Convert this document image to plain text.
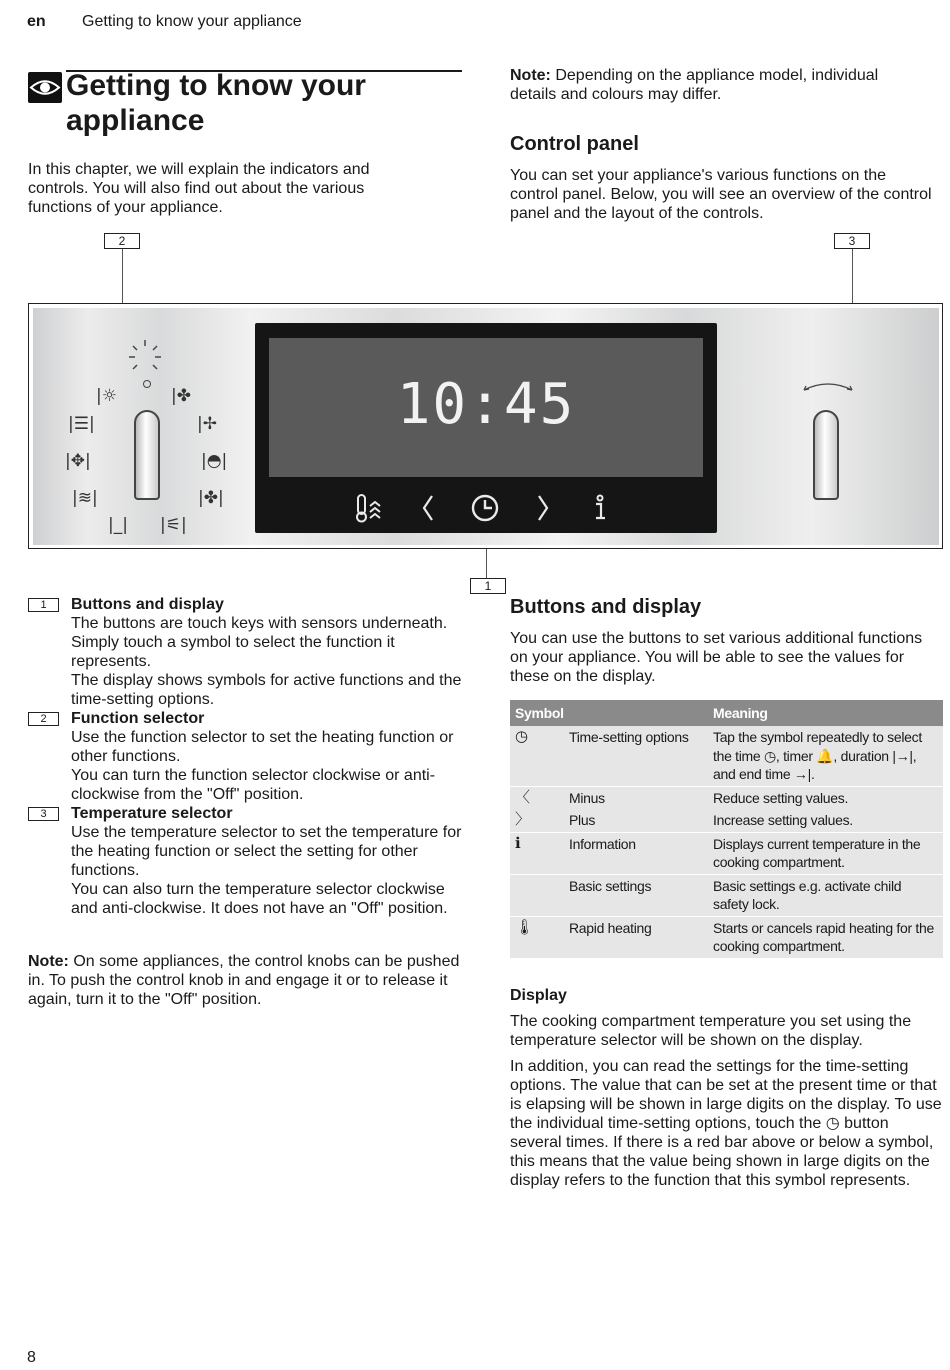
en Getting to know your appliance
Getting to know your appliance
In this chapter, we will explain the indicators and controls. You will also find out about the various functions of your appliance.
Note: Depending on the appliance model, individual details and colours may differ.
Control panel
You can set your appliance's various functions on the control panel. Below, you will see an overview of the control panel and the layout of the controls.
2	3
1
|☼	|✤
|☰|	|✢
|✥|	|◓|
|≋|	|✤|
|_| |⚟|
10:45
1	Buttons and display
The buttons are touch keys with sensors underneath. Simply touch a symbol to select the function it represents.
The display shows symbols for active functions and the time-setting options.
2	Function selector
Use the function selector to set the heating function or other functions.
You can turn the function selector clockwise or anti-clockwise from the "Off" position.
3	Temperature selector
Use the temperature selector to set the temperature for the heating function or select the setting for other functions.
You can also turn the temperature selector clockwise and anti-clockwise. It does not have an "Off" position.
Note: On some appliances, the control knobs can be pushed in. To push the control knob in and engage it or to release it again, turn it to the "Off" position.
Buttons and display
You can use the buttons to set various additional functions on your appliance. You will be able to see the values for these on the display.
Symbol		Meaning
◷	Time-setting options	Tap the symbol repeatedly to select the time ◷, timer 🔔, duration |→|, and end time →|.
〈	Minus	Reduce setting values.
〉	Plus	Increase setting values.
ℹ	Information	Displays current temperature in the cooking compartment.
	Basic settings	Basic settings e.g. activate child safety lock.
🌡	Rapid heating	Starts or cancels rapid heating for the cooking compartment.
Display

The cooking compartment temperature you set using the temperature selector will be shown on the display.

In addition, you can read the settings for the time-setting options. The value that can be set at the present time or that is elapsing will be shown in large digits on the display. To use the individual time-setting options, touch the ◷ button several times. If there is a red bar above or below a symbol, this means that the value being shown in large digits on the display refers to the function that this symbol represents.

8
